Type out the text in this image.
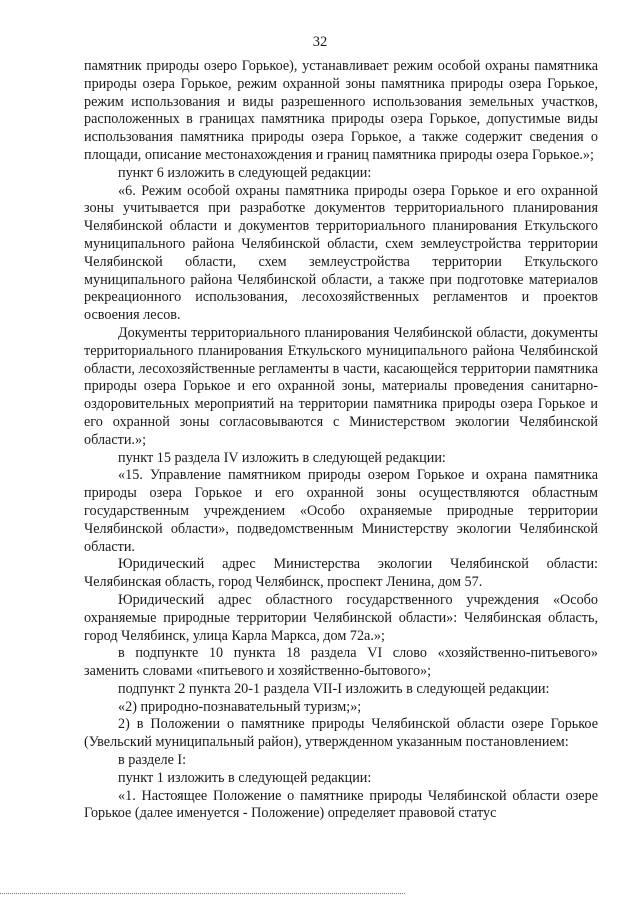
32

памятник природы озеро Горькое), устанавливает режим особой охраны памятника природы озера Горькое, режим охранной зоны памятника природы озера Горькое, режим использования и виды разрешенного использования земельных участков, расположенных в границах памятника природы озера Горькое, допустимые виды использования памятника природы озера Горькое, а также содержит сведения о площади, описание местонахождения и границ памятника природы озера Горькое.»;

пункт 6 изложить в следующей редакции:

«6. Режим особой охраны памятника природы озера Горькое и его охранной зоны учитывается при разработке документов территориального планирования Челябинской области и документов территориального планирования Еткульского муниципального района Челябинской области, схем землеустройства территории Челябинской области, схем землеустройства территории Еткульского муниципального района Челябинской области, а также при подготовке материалов рекреационного использования, лесохозяйственных регламентов и проектов освоения лесов.

Документы территориального планирования Челябинской области, документы территориального планирования Еткульского муниципального района Челябинской области, лесохозяйственные регламенты в части, касающейся территории памятника природы озера Горькое и его охранной зоны, материалы проведения санитарно-оздоровительных мероприятий на территории памятника природы озера Горькое и его охранной зоны согласовываются с Министерством экологии Челябинской области.»;

пункт 15 раздела IV изложить в следующей редакции:

«15. Управление памятником природы озером Горькое и охрана памятника природы озера Горькое и его охранной зоны осуществляются областным государственным учреждением «Особо охраняемые природные территории Челябинской области», подведомственным Министерству экологии Челябинской области.

Юридический адрес Министерства экологии Челябинской области: Челябинская область, город Челябинск, проспект Ленина, дом 57.

Юридический адрес областного государственного учреждения «Особо охраняемые природные территории Челябинской области»: Челябинская область, город Челябинск, улица Карла Маркса, дом 72а.»;

в подпункте 10 пункта 18 раздела VI слово «хозяйственно-питьевого» заменить словами «питьевого и хозяйственно-бытового»;

подпункт 2 пункта 20-1 раздела VII-I изложить в следующей редакции:

«2) природно-познавательный туризм;»;

2) в Положении о памятнике природы Челябинской области озере Горькое (Увельский муниципальный район), утвержденном указанным постановлением:

в разделе I:

пункт 1 изложить в следующей редакции:

«1. Настоящее Положение о памятнике природы Челябинской области озере Горькое (далее именуется - Положение) определяет правовой статус
